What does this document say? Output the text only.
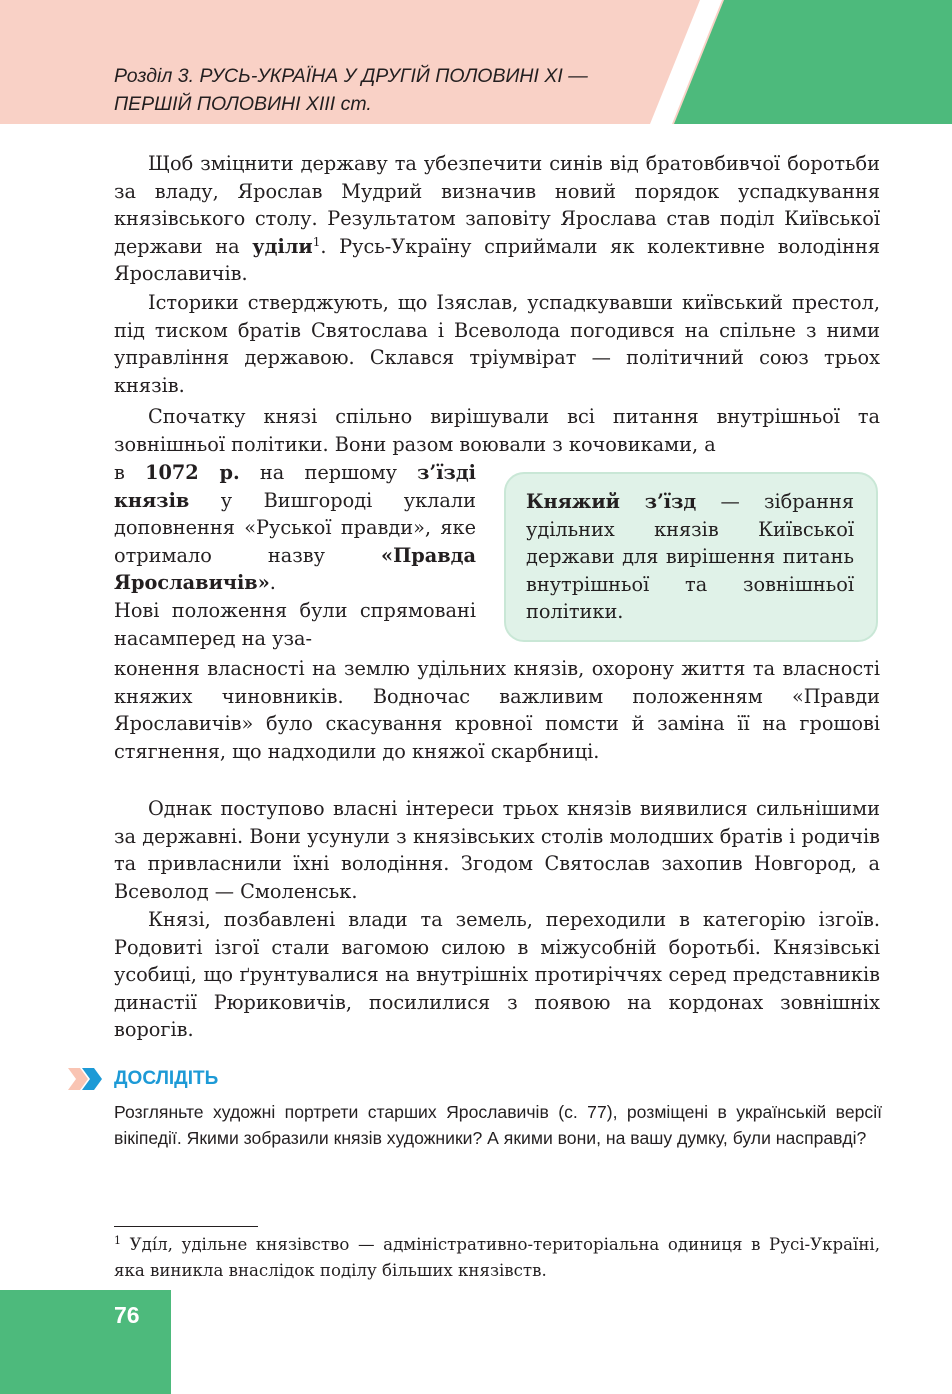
Розділ 3. РУСЬ-УКРАЇНА У ДРУГІЙ ПОЛОВИНІ XI —
ПЕРШІЙ ПОЛОВИНІ XIII ст.

Щоб зміцнити державу та убезпечити синів від братовбивчої боротьби за владу, Ярослав Мудрий визначив новий порядок успадкування князівського столу. Результатом заповіту Ярослава став поділ Київської держави на уділи$^1$. Русь-Україну сприймали як колективне володіння Ярославичів.

Історики стверджують, що Ізяслав, успадкувавши київський престол, під тиском братів Святослава і Всеволода погодився на спільне з ними управління державою. Склався тріумвірат — політичний союз трьох князів.

Спочатку князі спільно вирішували всі питання внутрішньої та зовнішньої політики. Вони разом воювали з кочовиками, а

в 1072 р. на першому з’їзді князів у Вишгороді уклали доповнення «Руської правди», яке отримало назву «Правда Ярославичів».

Нові положення були спрямовані насамперед на уза-

Княжий з’їзд — зібрання удільних князів Київської держави для вирішення питань внутрішньої та зовнішньої політики.

конення власності на землю удільних князів, охорону життя та власності княжих чиновників. Водночас важливим положенням «Правди Ярославичів» було скасування кровної помсти й заміна її на грошові стягнення, що надходили до княжої скарбниці.

Однак поступово власні інтереси трьох князів виявилися сильнішими за державні. Вони усунули з князівських столів молодших братів і родичів та привласнили їхні володіння. Згодом Святослав захопив Новгород, а Всеволод — Смоленськ.

Князі, позбавлені влади та земель, переходили в категорію ізгоїв. Родовиті ізгої стали вагомою силою в міжусобній боротьбі. Князівські усобиці, що ґрунтувалися на внутрішніх протиріччях серед представників династії Рюриковичів, посилилися з появою на кордонах зовнішніх ворогів.

ДОСЛІДІТЬ

Розгляньте художні портрети старших Ярославичів (с. 77), розміщені в українській версії вікіпедії. Якими зобразили князів художники? А якими вони, на вашу думку, були насправді?

$^1$ Уді́л, удільне князівство — адміністративно-територіальна одиниця в Русі-Україні, яка виникла внаслідок поділу більших князівств.

76
